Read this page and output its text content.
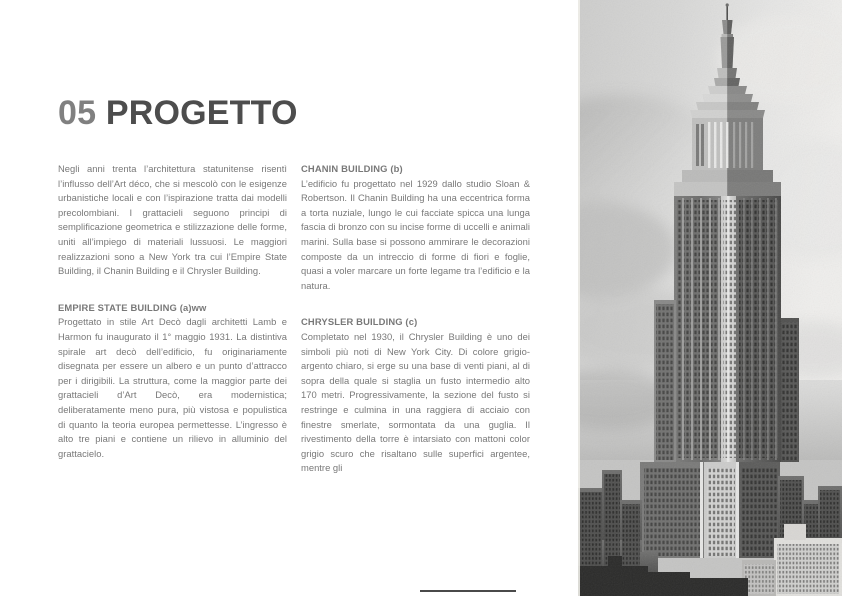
05 PROGETTO

Negli anni trenta l’architettura statunitense risentì l’influsso dell’Art déco, che si mescolò con le esigenze urbanistiche locali e con l’ispirazione tratta dai modelli precolombiani. I grattacieli seguono principi di semplificazione geometrica e stilizzazione delle forme, uniti all’impiego di materiali lussuosi. Le maggiori realizzazioni sono a New York tra cui l’Empire State Building, il Chanin Building e il Chrysler Building.

EMPIRE STATE BUILDING (a)ww

Progettato in stile Art Decò dagli architetti Lamb e Harmon fu inaugurato il 1° maggio 1931. La distintiva spirale art decò dell’edificio, fu originariamente disegnata per essere un albero e un punto d’attracco per i dirigibili. La struttura, come la maggior parte dei grattacieli d’Art Decò, era modernistica; deliberatamente meno pura, più vistosa e populistica di quanto la teoria europea permettesse. L’ingresso è alto tre piani e contiene un rilievo in alluminio del grattacielo.

CHANIN BUILDING (b)

L’edificio fu progettato nel 1929 dallo studio Sloan & Robertson. Il Chanin Building ha una eccentrica forma a torta nuziale, lungo le cui facciate spicca una lunga fascia di bronzo con su incise forme di uccelli e animali marini. Sulla base si possono ammirare le decorazioni composte da un intreccio di forme di fiori e foglie, quasi a voler marcare un forte legame tra l’edificio e la natura.

CHRYSLER BUILDING (c)

Completato nel 1930, il Chrysler Building è uno dei simboli più noti di New York City. Di colore grigio-argento chiaro, si erge su una base di venti piani, al di sopra della quale si staglia un fusto intermedio alto 170 metri. Progressivamente, la sezione del fusto si restringe e culmina in una raggiera di acciaio con finestre smerlate, sormontata da una guglia. Il rivestimento della torre è intarsiato con mattoni color grigio scuro che risaltano sulle superfici argentee, mentre gli
